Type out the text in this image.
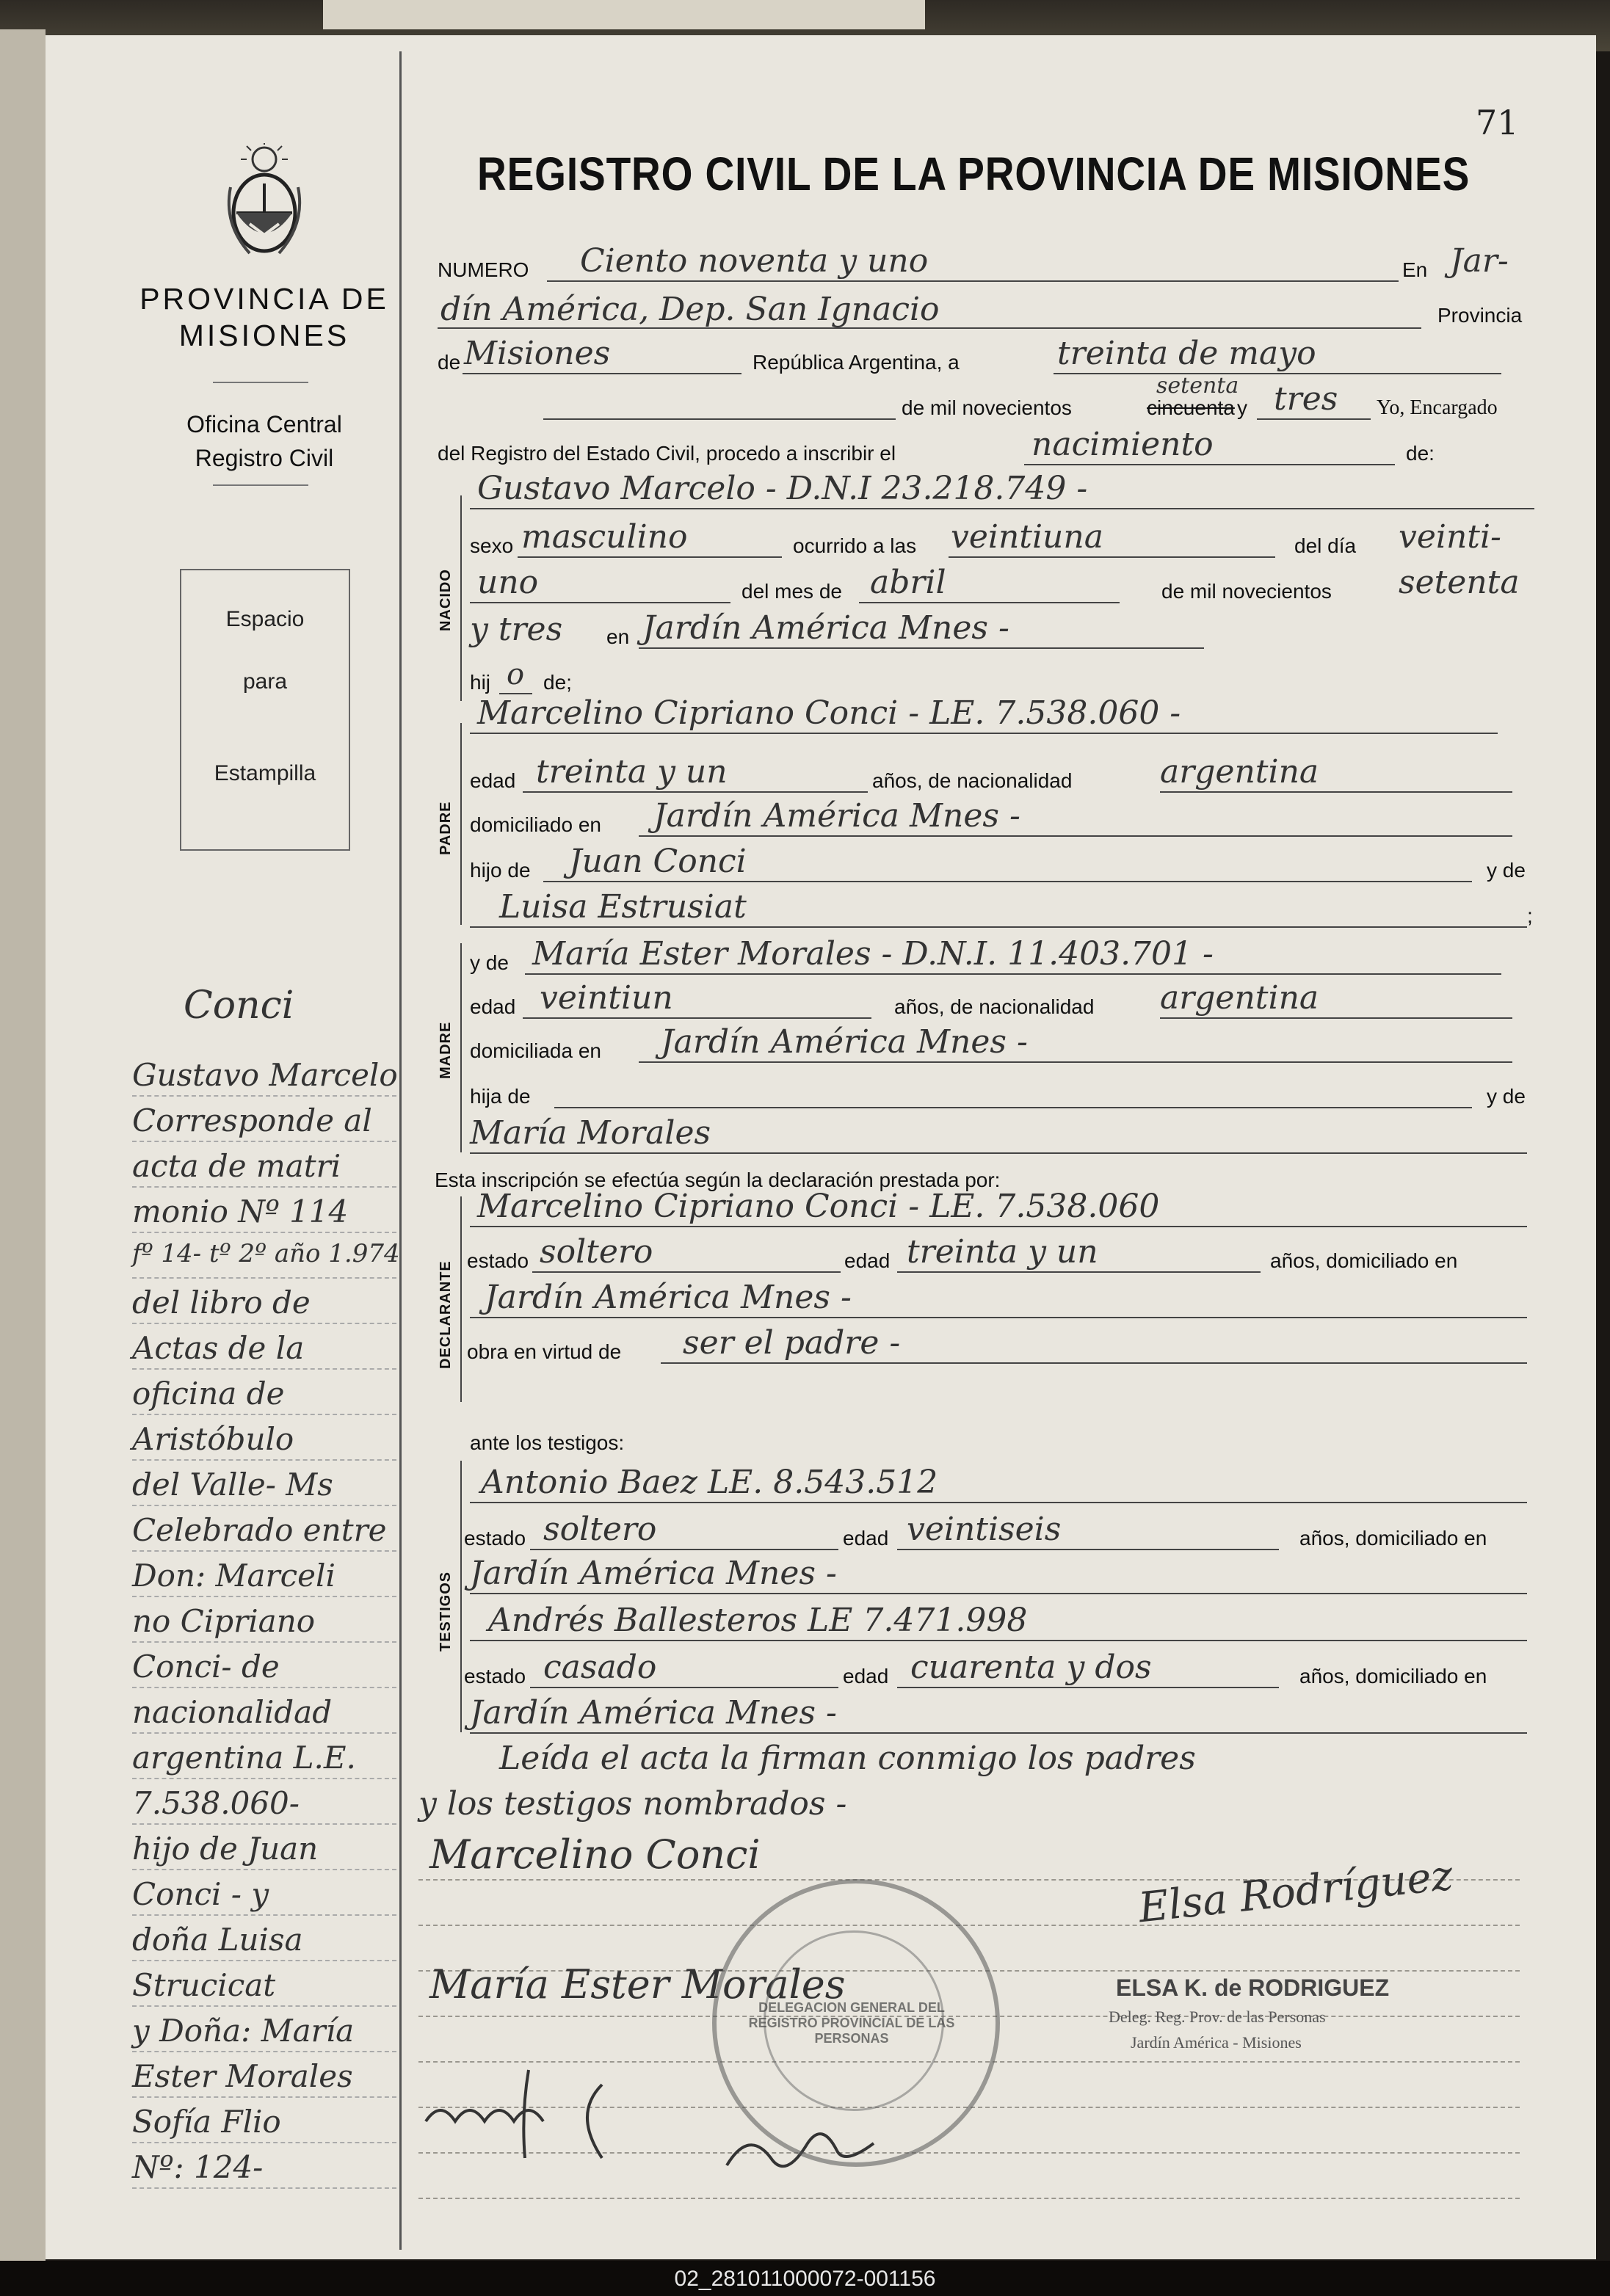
PROVINCIA DE
MISIONES
Oficina Central
Registro Civil
Espacio
para
Estampilla
Conci
Gustavo Marcelo
Corresponde al
acta de matri
monio Nº 114
fº 14- tº 2º año 1.974
del libro de
Actas de la
oficina de
Aristóbulo
del Valle- Ms
Celebrado entre
Don: Marceli
no Cipriano
Conci- de
nacionalidad
argentina L.E.
7.538.060-
hijo de Juan
Conci - y
doña Luisa
Strucicat
y Doña: María
Ester Morales
Sofía Flio
Nº: 124-
71
REGISTRO CIVIL DE LA PROVINCIA DE MISIONES
NACIDO
PADRE
MADRE
DECLARANTE
TESTIGOS
NUMERO Ciento noventa y uno	En Jar-
dín América, Dep. San Ignacio	Provincia
de Misiones	República Argentina, a	treinta de mayo
de mil novecientos	cincuenta
setenta
y tres Yo, Encargado
del Registro del Estado Civil, procedo a inscribir el	nacimiento	de:
Gustavo Marcelo - D.N.I 23.218.749 -
sexo masculino	ocurrido a las veintiuna	del día veinti-
uno	del mes de abril	de mil novecientos setenta
y tres en Jardín América Mnes -
hij o de;
Marcelino Cipriano Conci - LE. 7.538.060 -
edad treinta y un	años, de nacionalidad	argentina
domiciliado en Jardín América Mnes -
hijo de Juan Conci	y de
Luisa Estrusiat	;
y de María Ester Morales - D.N.I. 11.403.701 -
edad veintiun	años, de nacionalidad argentina
domiciliada en Jardín América Mnes -
hija de	y de
María Morales
Esta inscripción se efectúa según la declaración prestada por:
Marcelino Cipriano Conci - LE. 7.538.060
estado soltero	edad treinta y un	años, domiciliado en
Jardín América Mnes -
obra en virtud de ser el padre -
ante los testigos:
Antonio Baez LE. 8.543.512
estado soltero	edad veintiseis	años, domiciliado en
Jardín América Mnes -
Andrés Ballesteros LE 7.471.998
estado casado	edad cuarenta y dos	años, domiciliado en
Jardín América Mnes -
Leída el acta la firman conmigo los padres
y los testigos nombrados -
Marcelino Conci	Elsa Rodríguez
María Ester Morales
DELEGACION GENERAL DEL REGISTRO PROVINCIAL DE LAS PERSONAS
ELSA K. de RODRIGUEZ
Deleg. Reg. Prov. de las Personas
Jardín América - Misiones
02_281011000072-001156
